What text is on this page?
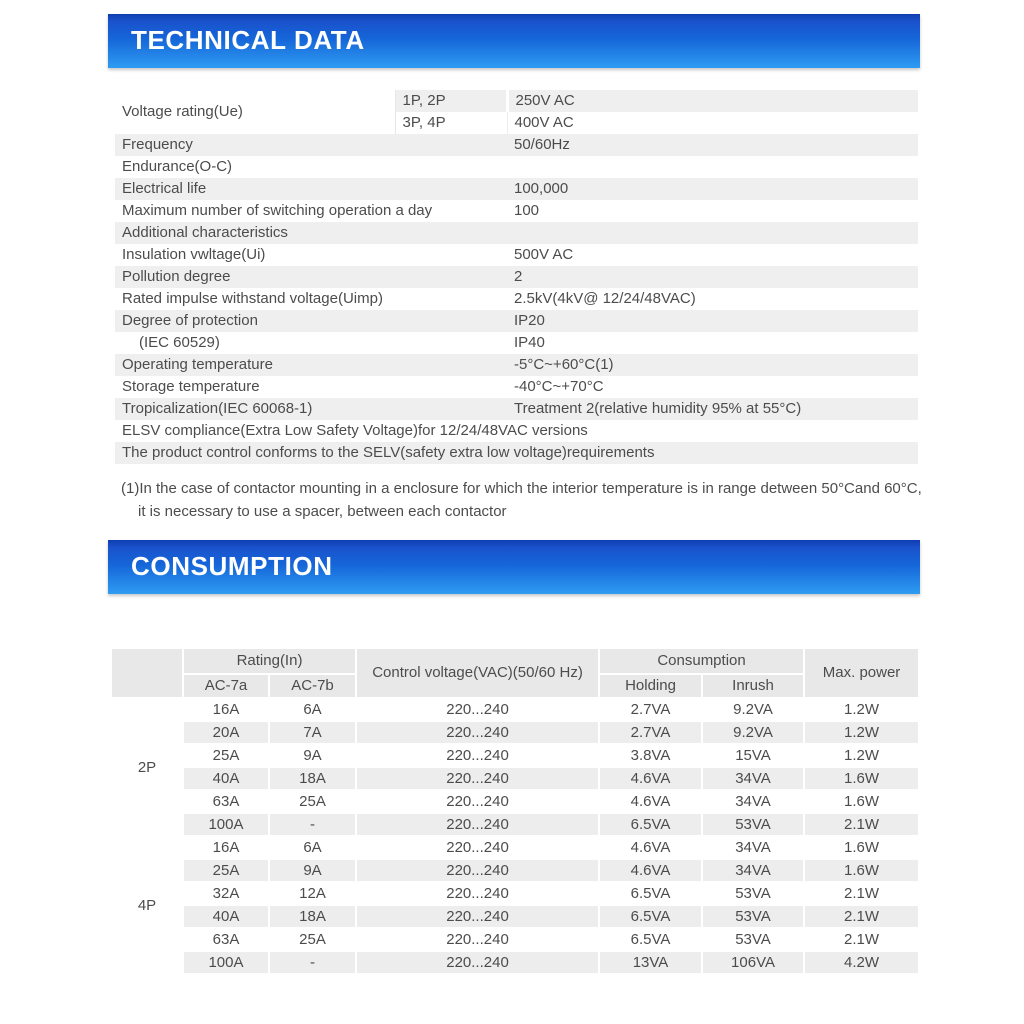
TECHNICAL DATA
Voltage rating(Ue)	1P, 2P	250V AC
	3P, 4P	400V AC
Frequency		50/60Hz
Endurance(O-C)		
Electrical life		100,000
Maximum number of switching operation a day		100
Additional characteristics		
Insulation vwltage(Ui)		500V AC
Pollution degree		2
Rated impulse withstand voltage(Uimp)		2.5kV(4kV@ 12/24/48VAC)
Degree of protection		IP20
(IEC 60529)		IP40
Operating temperature		-5°C~+60°C(1)
Storage temperature		-40°C~+70°C
Tropicalization(IEC 60068-1)		Treatment 2(relative humidity 95% at 55°C)
ELSV compliance(Extra Low Safety Voltage)for 12/24/48VAC versions		
The product control conforms to the SELV(safety extra low voltage)requirements		
(1)In the case of contactor mounting in a enclosure for which the interior temperature is in range detween 50°Cand 60°C,
it is necessary to use a spacer, between each contactor
CONSUMPTION
	Rating(In)		Control voltage(VAC)(50/60 Hz)	Consumption		Max. power
	AC-7a	AC-7b		Holding	Inrush	
2P	16A	6A	220...240	2.7VA	9.2VA	1.2W
	20A	7A	220...240	2.7VA	9.2VA	1.2W
	25A	9A	220...240	3.8VA	15VA	1.2W
	40A	18A	220...240	4.6VA	34VA	1.6W
	63A	25A	220...240	4.6VA	34VA	1.6W
	100A	-	220...240	6.5VA	53VA	2.1W
4P	16A	6A	220...240	4.6VA	34VA	1.6W
	25A	9A	220...240	4.6VA	34VA	1.6W
	32A	12A	220...240	6.5VA	53VA	2.1W
	40A	18A	220...240	6.5VA	53VA	2.1W
	63A	25A	220...240	6.5VA	53VA	2.1W
	100A	-	220...240	13VA	106VA	4.2W
